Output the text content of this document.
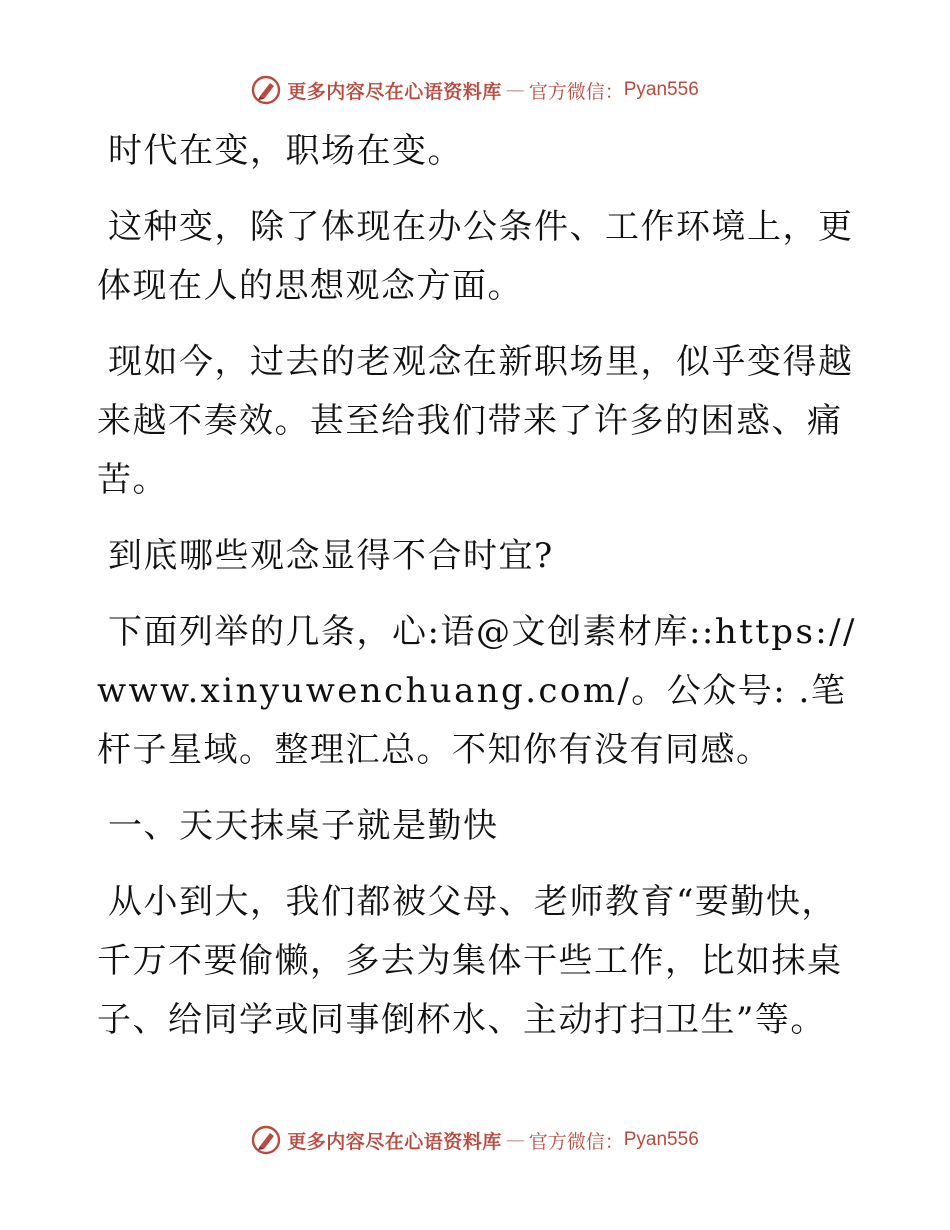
更多内容尽在心语资料库 — 官方微信： Pyan556

时代在变，职场在变。

这种变，除了体现在办公条件、工作环境上，更体现在人的思想观念方面。

现如今，过去的老观念在新职场里，似乎变得越来越不奏效。甚至给我们带来了许多的困惑、痛苦。

到底哪些观念显得不合时宜?

下面列举的几条，心:语@文创素材库::https://www.xinyuwenchuang.com/。公众号: .笔杆子星域。整理汇总。不知你有没有同感。

一、天天抹桌子就是勤快

从小到大，我们都被父母、老师教育“要勤快，千万不要偷懒，多去为集体干些工作，比如抹桌子、给同学或同事倒杯水、主动打扫卫生”等。

更多内容尽在心语资料库 — 官方微信： Pyan556
